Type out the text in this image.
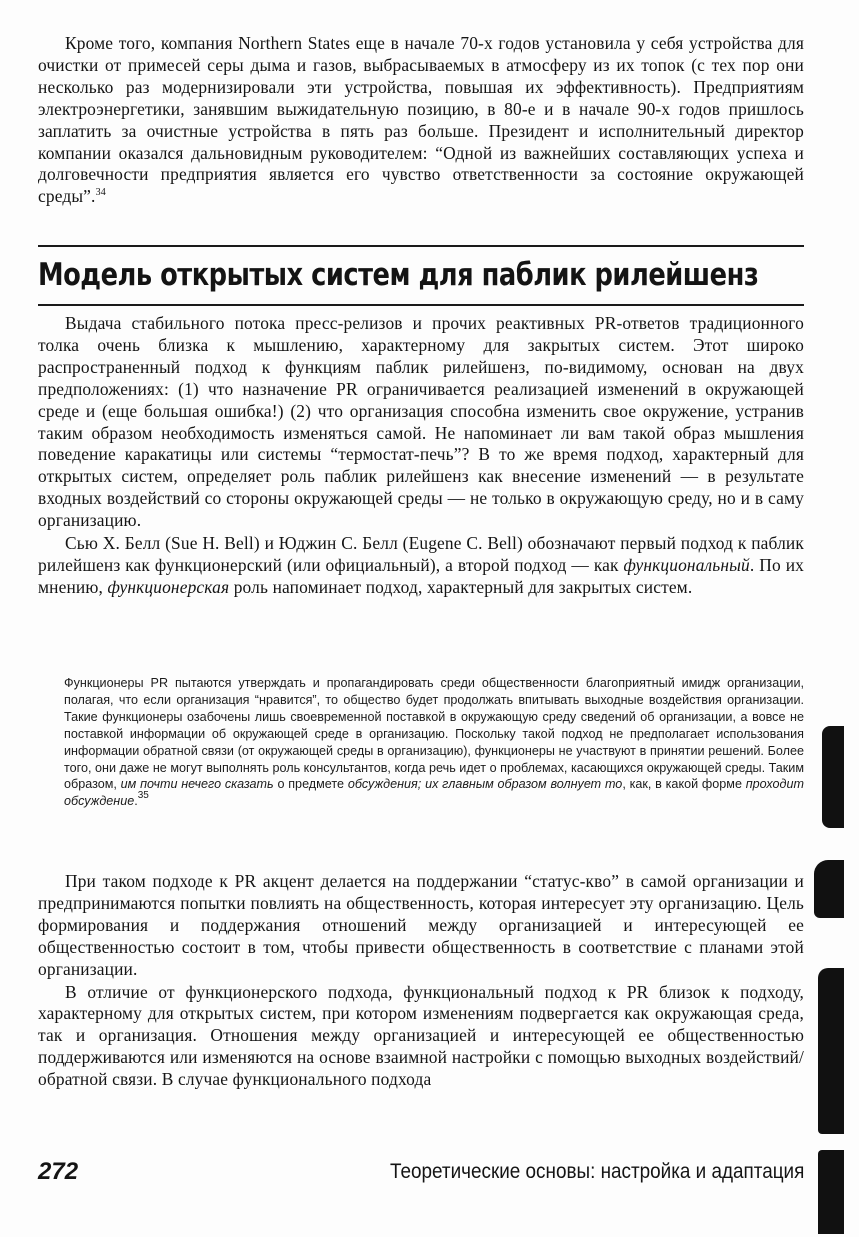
Кроме того, компания Northern States еще в начале 70-х годов установила у себя устройства для очистки от примесей серы дыма и газов, выбрасываемых в атмосферу из их топок (с тех пор они несколько раз модернизировали эти устройства, повышая их эффективность). Предприятиям электроэнергетики, занявшим выжидательную позицию, в 80-е и в начале 90-х годов пришлось заплатить за очистные устройства в пять раз больше. Президент и исполнительный директор компании оказался дальновидным руководителем: “Одной из важнейших составляющих успеха и долговечности предприятия является его чувство ответственности за состояние окружающей среды”.$^{34}$

Модель открытых систем для паблик рилейшенз

Выдача стабильного потока пресс-релизов и прочих реактивных PR-ответов традиционного толка очень близка к мышлению, характерному для закрытых систем. Этот широко распространенный подход к функциям паблик рилейшенз, по-видимому, основан на двух предположениях: (1) что назначение PR ограничивается реализацией изменений в окружающей среде и (еще большая ошибка!) (2) что организация способна изменить свое окружение, устранив таким образом необходимость изменяться самой. Не напоминает ли вам такой образ мышления поведение каракатицы или системы “термостат-печь”? В то же время подход, характерный для открытых систем, определяет роль паблик рилейшенз как внесение изменений — в результате входных воздействий со стороны окружающей среды — не только в окружающую среду, но и в саму организацию.

Сью Х. Белл (Sue H. Bell) и Юджин С. Белл (Eugene C. Bell) обозначают первый подход к паблик рилейшенз как функционерский (или официальный), а второй подход — как функциональный. По их мнению, функционерская роль напоминает подход, характерный для закрытых систем.

Функционеры PR пытаются утверждать и пропагандировать среди общественности благоприятный имидж организации, полагая, что если организация “нравится”, то общество будет продолжать впитывать выходные воздействия организации. Такие функционеры озабочены лишь своевременной поставкой в окружающую среду сведений об организации, а вовсе не поставкой информации об окружающей среде в организацию. Поскольку такой подход не предполагает использования информации обратной связи (от окружающей среды в организацию), функционеры не участвуют в принятии решений. Более того, они даже не могут выполнять роль консультантов, когда речь идет о проблемах, касающихся окружающей среды. Таким образом, им почти нечего сказать о предмете обсуждения; их главным образом волнует то, как, в какой форме проходит обсуждение.$^{35}$

При таком подходе к PR акцент делается на поддержании “статус-кво” в самой организации и предпринимаются попытки повлиять на общественность, которая интересует эту организацию. Цель формирования и поддержания отношений между организацией и интересующей ее общественностью состоит в том, чтобы привести общественность в соответствие с планами этой организации.

В отличие от функционерского подхода, функциональный подход к PR близок к подходу, характерному для открытых систем, при котором изменениям подвергается как окружающая среда, так и организация. Отношения между организацией и интересующей ее общественностью поддерживаются или изменяются на основе взаимной настройки с помощью выходных воздействий/обратной связи. В случае функционального подхода

272	Теоретические основы: настройка и адаптация
